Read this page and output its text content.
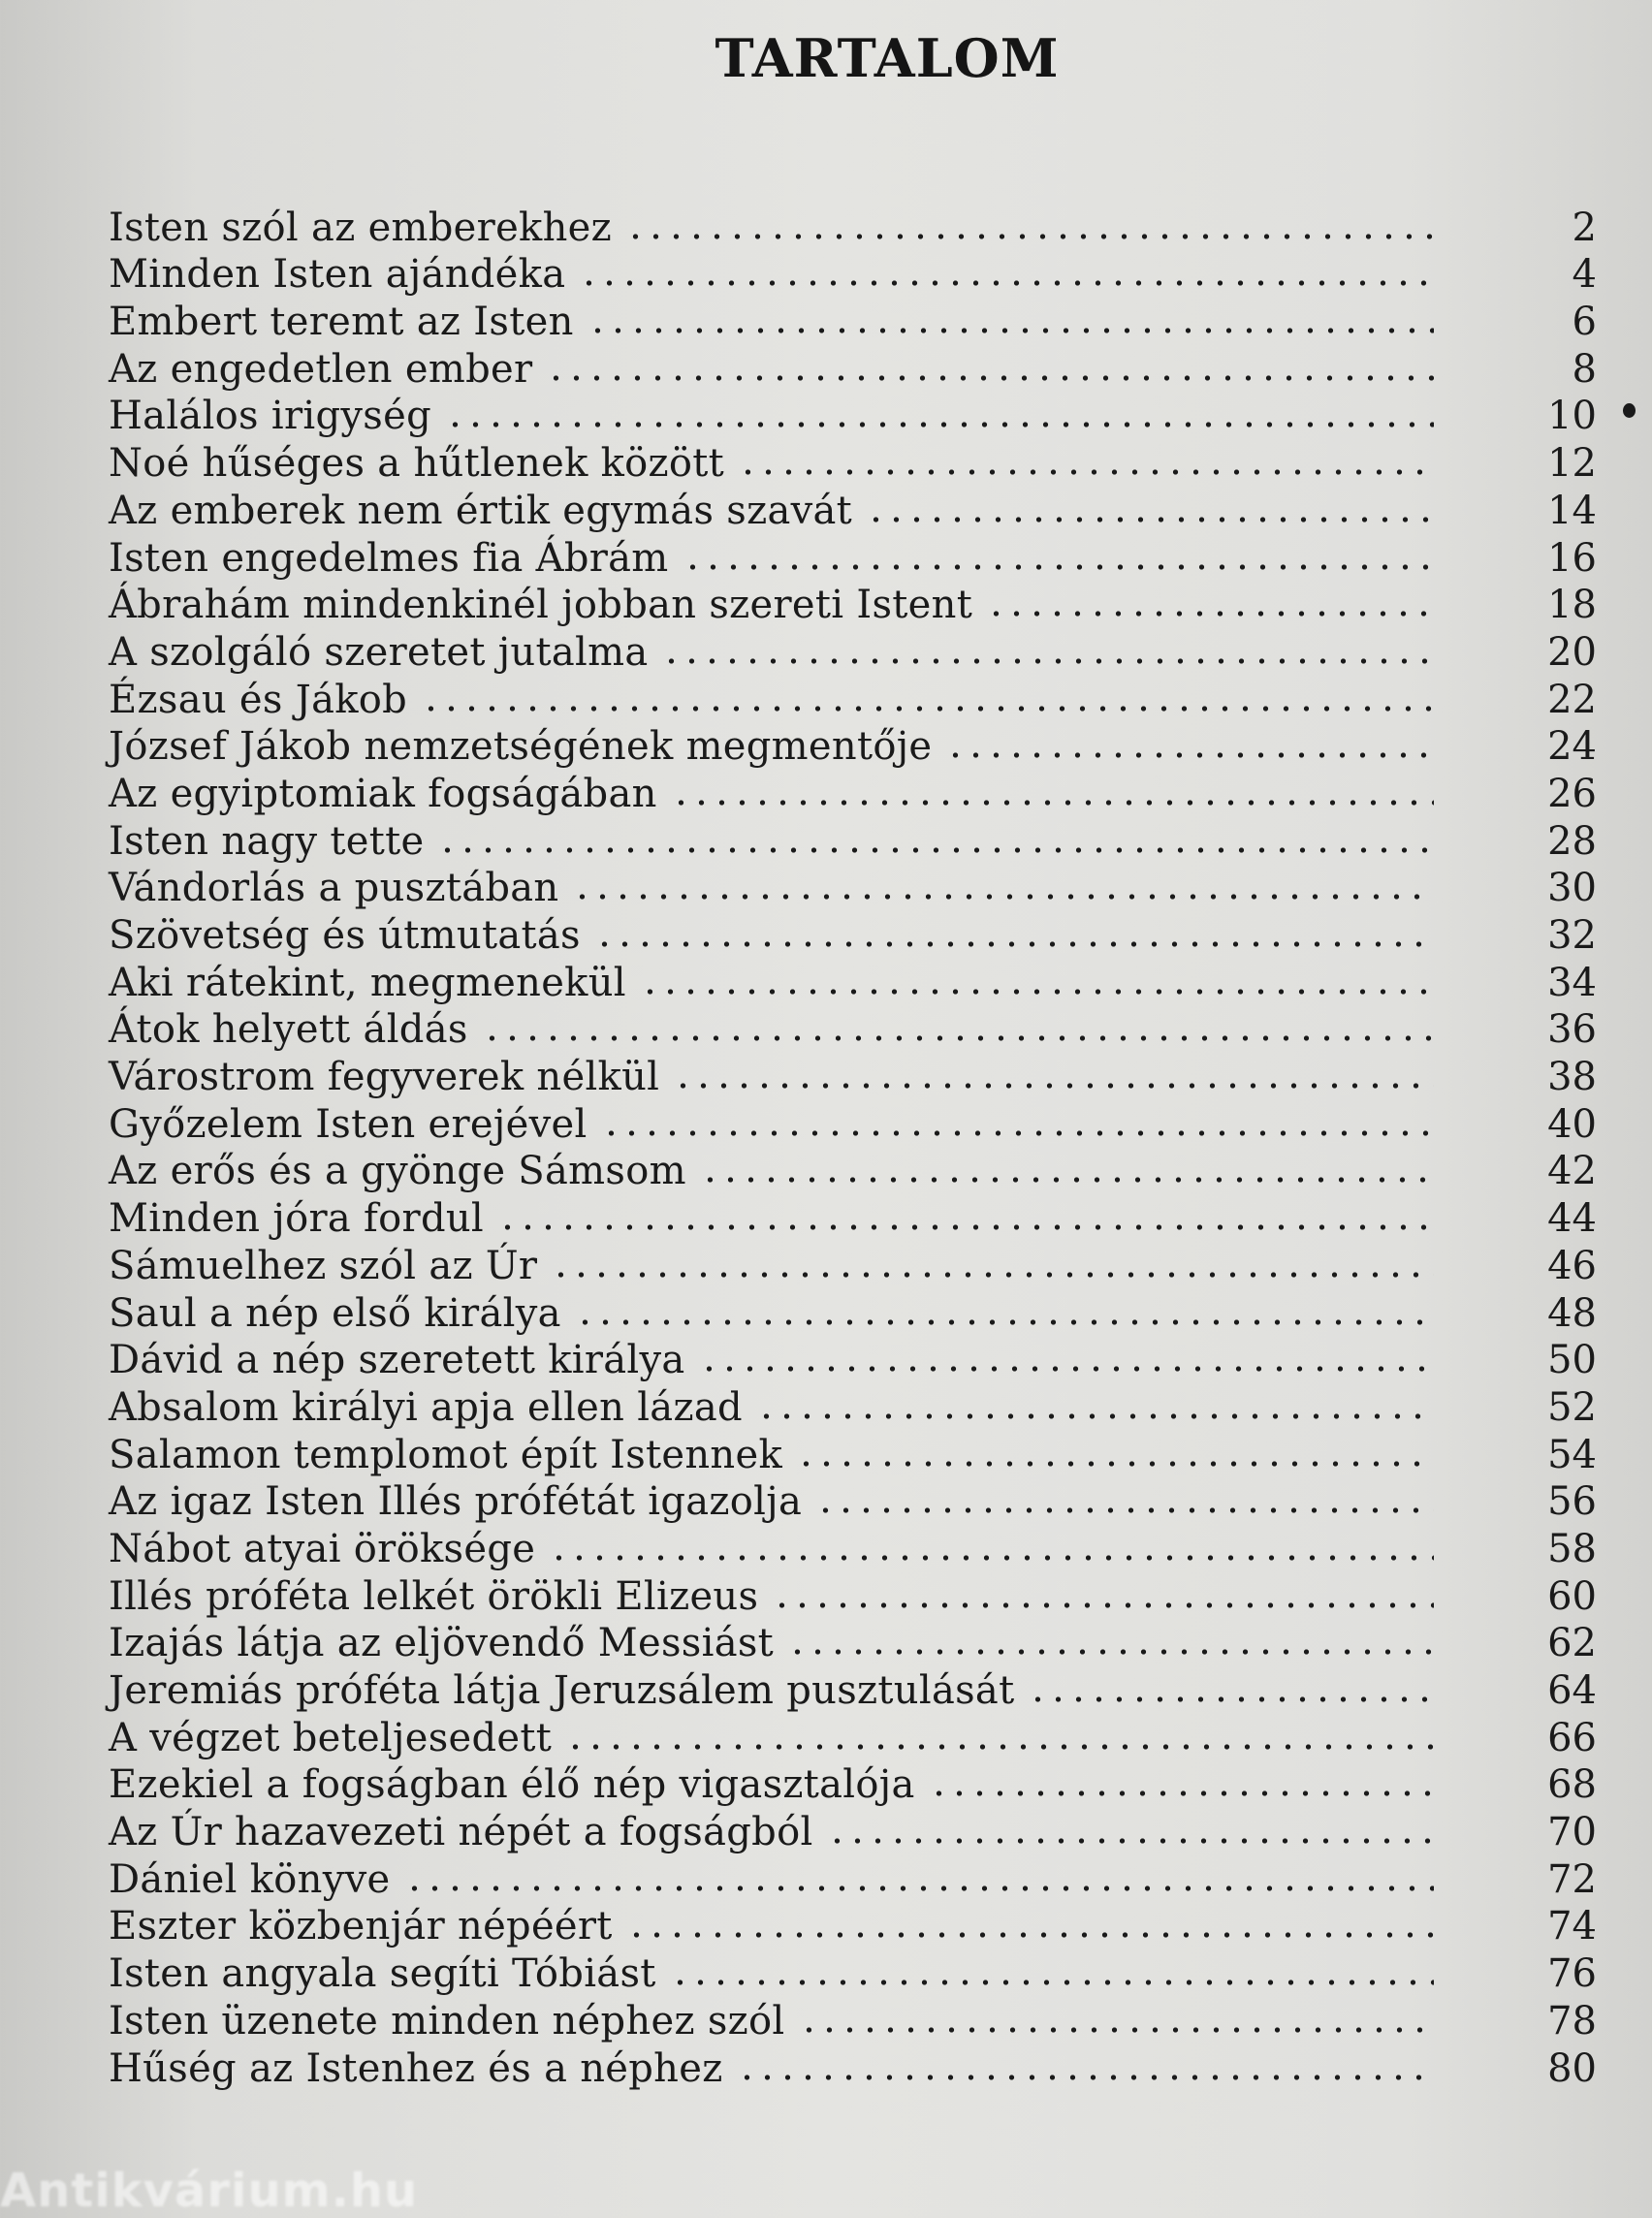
TARTALOM
Isten szól az emberekhez	2
Minden Isten ajándéka	4
Embert teremt az Isten	6
Az engedetlen ember	8
Halálos irigység	10
Noé hűséges a hűtlenek között	12
Az emberek nem értik egymás szavát	14
Isten engedelmes fia Ábrám	16
Ábrahám mindenkinél jobban szereti Istent	18
A szolgáló szeretet jutalma	20
Ézsau és Jákob	22
József Jákob nemzetségének megmentője	24
Az egyiptomiak fogságában	26
Isten nagy tette	28
Vándorlás a pusztában	30
Szövetség és útmutatás	32
Aki rátekint, megmenekül	34
Átok helyett áldás	36
Várostrom fegyverek nélkül	38
Győzelem Isten erejével	40
Az erős és a gyönge Sámsom	42
Minden jóra fordul	44
Sámuelhez szól az Úr	46
Saul a nép első királya	48
Dávid a nép szeretett királya	50
Absalom királyi apja ellen lázad	52
Salamon templomot épít Istennek	54
Az igaz Isten Illés prófétát igazolja	56
Nábot atyai öröksége	58
Illés próféta lelkét örökli Elizeus	60
Izajás látja az eljövendő Messiást	62
Jeremiás próféta látja Jeruzsálem pusztulását	64
A végzet beteljesedett	66
Ezekiel a fogságban élő nép vigasztalója	68
Az Úr hazavezeti népét a fogságból	70
Dániel könyve	72
Eszter közbenjár népéért	74
Isten angyala segíti Tóbiást	76
Isten üzenete minden néphez szól	78
Hűség az Istenhez és a néphez	80
Antikvárium.hu
